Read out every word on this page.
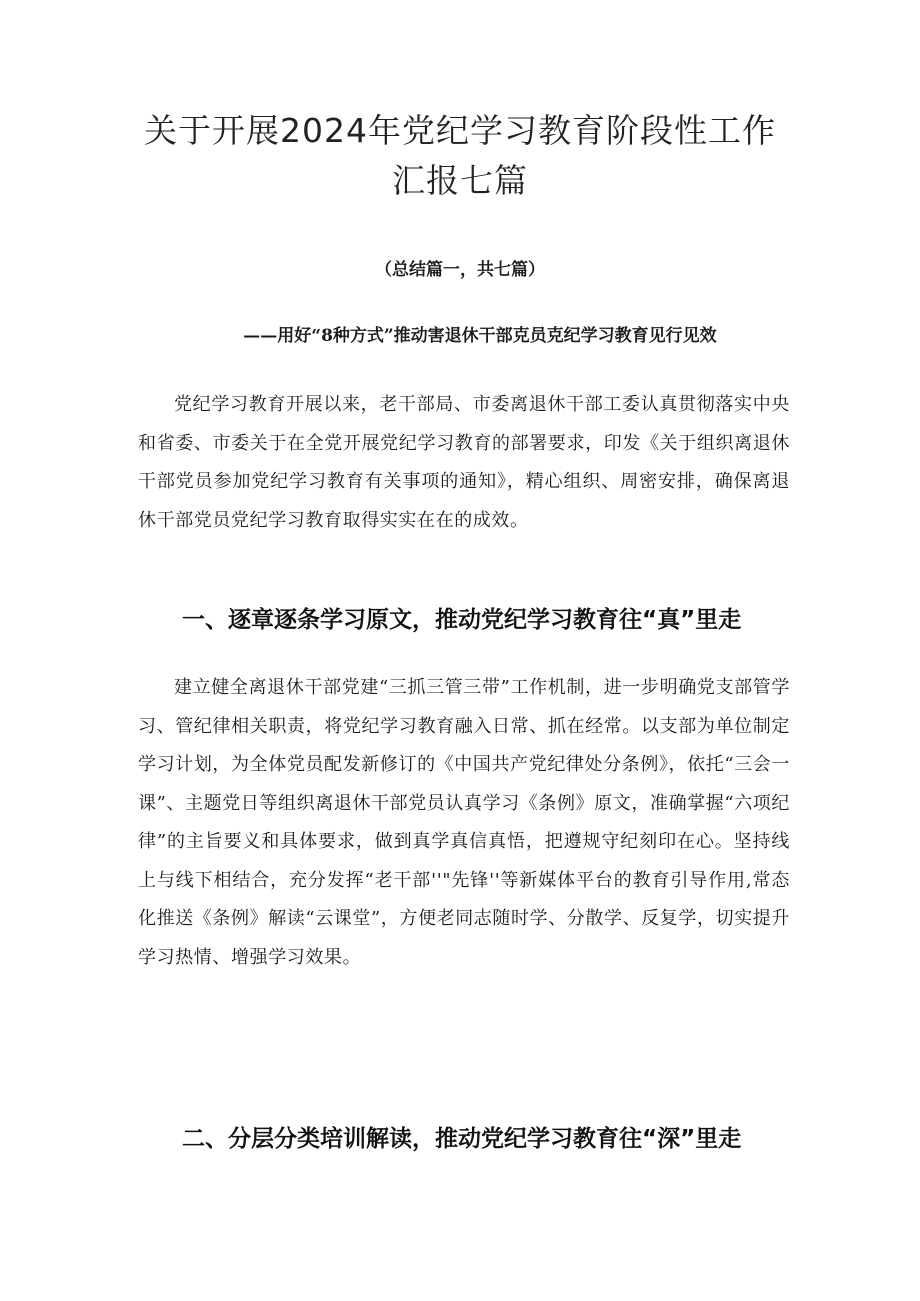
关于开展2024年党纪学习教育阶段性工作
汇报七篇

（总结篇一，共七篇）

——用好“8种方式”推动害退休干部克员克纪学习教育见行见效

党纪学习教育开展以来，老干部局、市委离退休干部工委认真贯彻落实中央和省委、市委关于在全党开展党纪学习教育的部署要求，印发《关于组织离退休干部党员参加党纪学习教育有关事项的通知》，精心组织、周密安排，确保离退休干部党员党纪学习教育取得实实在在的成效。

一、逐章逐条学习原文，推动党纪学习教育往“真”里走

建立健全离退休干部党建“三抓三管三带”工作机制，进一步明确党支部管学习、管纪律相关职责，将党纪学习教育融入日常、抓在经常。以支部为单位制定学习计划，为全体党员配发新修订的《中国共产党纪律处分条例》，依托“三会一课”、主题党日等组织离退休干部党员认真学习《条例》原文，准确掌握“六项纪律”的主旨要义和具体要求，做到真学真信真悟，把遵规守纪刻印在心。坚持线上与线下相结合，充分发挥“老干部''"先锋''等新媒体平台的教育引导作用,常态化推送《条例》解读“云课堂”，方便老同志随时学、分散学、反复学，切实提升学习热情、增强学习效果。

二、分层分类培训解读，推动党纪学习教育往“深”里走
